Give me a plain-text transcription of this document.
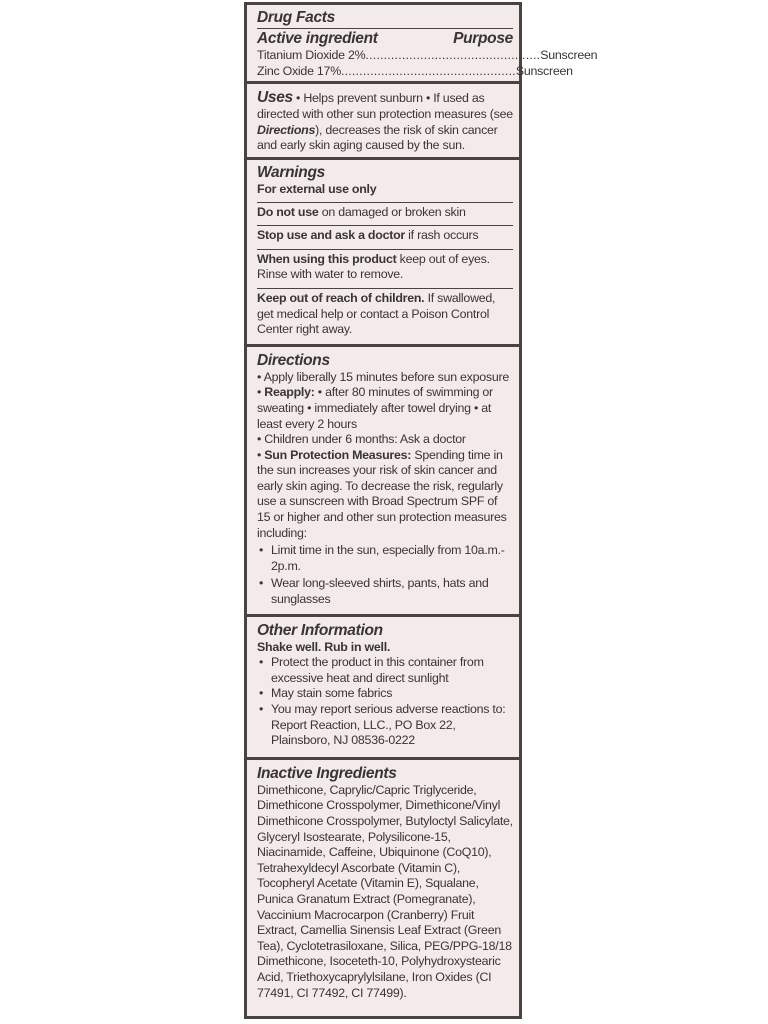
Drug Facts
Active ingredient	Purpose
Titanium Dioxide 2% ................................................ Sunscreen
Zinc Oxide 17% ................................................ Sunscreen

Uses • Helps prevent sunburn • If used as directed with other sun protection measures (see Directions), decreases the risk of skin cancer and early skin aging caused by the sun.

Warnings
For external use only
Do not use on damaged or broken skin
Stop use and ask a doctor if rash occurs
When using this product keep out of eyes. Rinse with water to remove.
Keep out of reach of children. If swallowed, get medical help or contact a Poison Control Center right away.
Directions

• Apply liberally 15 minutes before sun exposure • Reapply: • after 80 minutes of swimming or sweating • immediately after towel drying • at least every 2 hours

• Children under 6 months: Ask a doctor

• Sun Protection Measures: Spending time in the sun increases your risk of skin cancer and early skin aging. To decrease the risk, regularly use a sunscreen with Broad Spectrum SPF of 15 or higher and other sun protection measures including:

• Limit time in the sun, especially from 10a.m.- 2p.m.
• Wear long-sleeved shirts, pants, hats and sunglasses
Other Information
Shake well. Rub in well.
• Protect the product in this container from excessive heat and direct sunlight
• May stain some fabrics
• You may report serious adverse reactions to: Report Reaction, LLC., PO Box 22, Plainsboro, NJ 08536-0222
Inactive Ingredients

Dimethicone, Caprylic/Capric Triglyceride, Dimethicone Crosspolymer, Dimethicone/Vinyl Dimethicone Crosspolymer, Butyloctyl Salicylate, Glyceryl Isostearate, Polysilicone-15, Niacinamide, Caffeine, Ubiquinone (CoQ10), Tetrahexyldecyl Ascorbate (Vitamin C), Tocopheryl Acetate (Vitamin E), Squalane, Punica Granatum Extract (Pomegranate), Vaccinium Macrocarpon (Cranberry) Fruit Extract, Camellia Sinensis Leaf Extract (Green Tea), Cyclotetrasiloxane, Silica, PEG/PPG-18/18 Dimethicone, Isoceteth-10, Polyhydroxystearic Acid, Triethoxycaprylylsilane, Iron Oxides (CI 77491, CI 77492, CI 77499).
